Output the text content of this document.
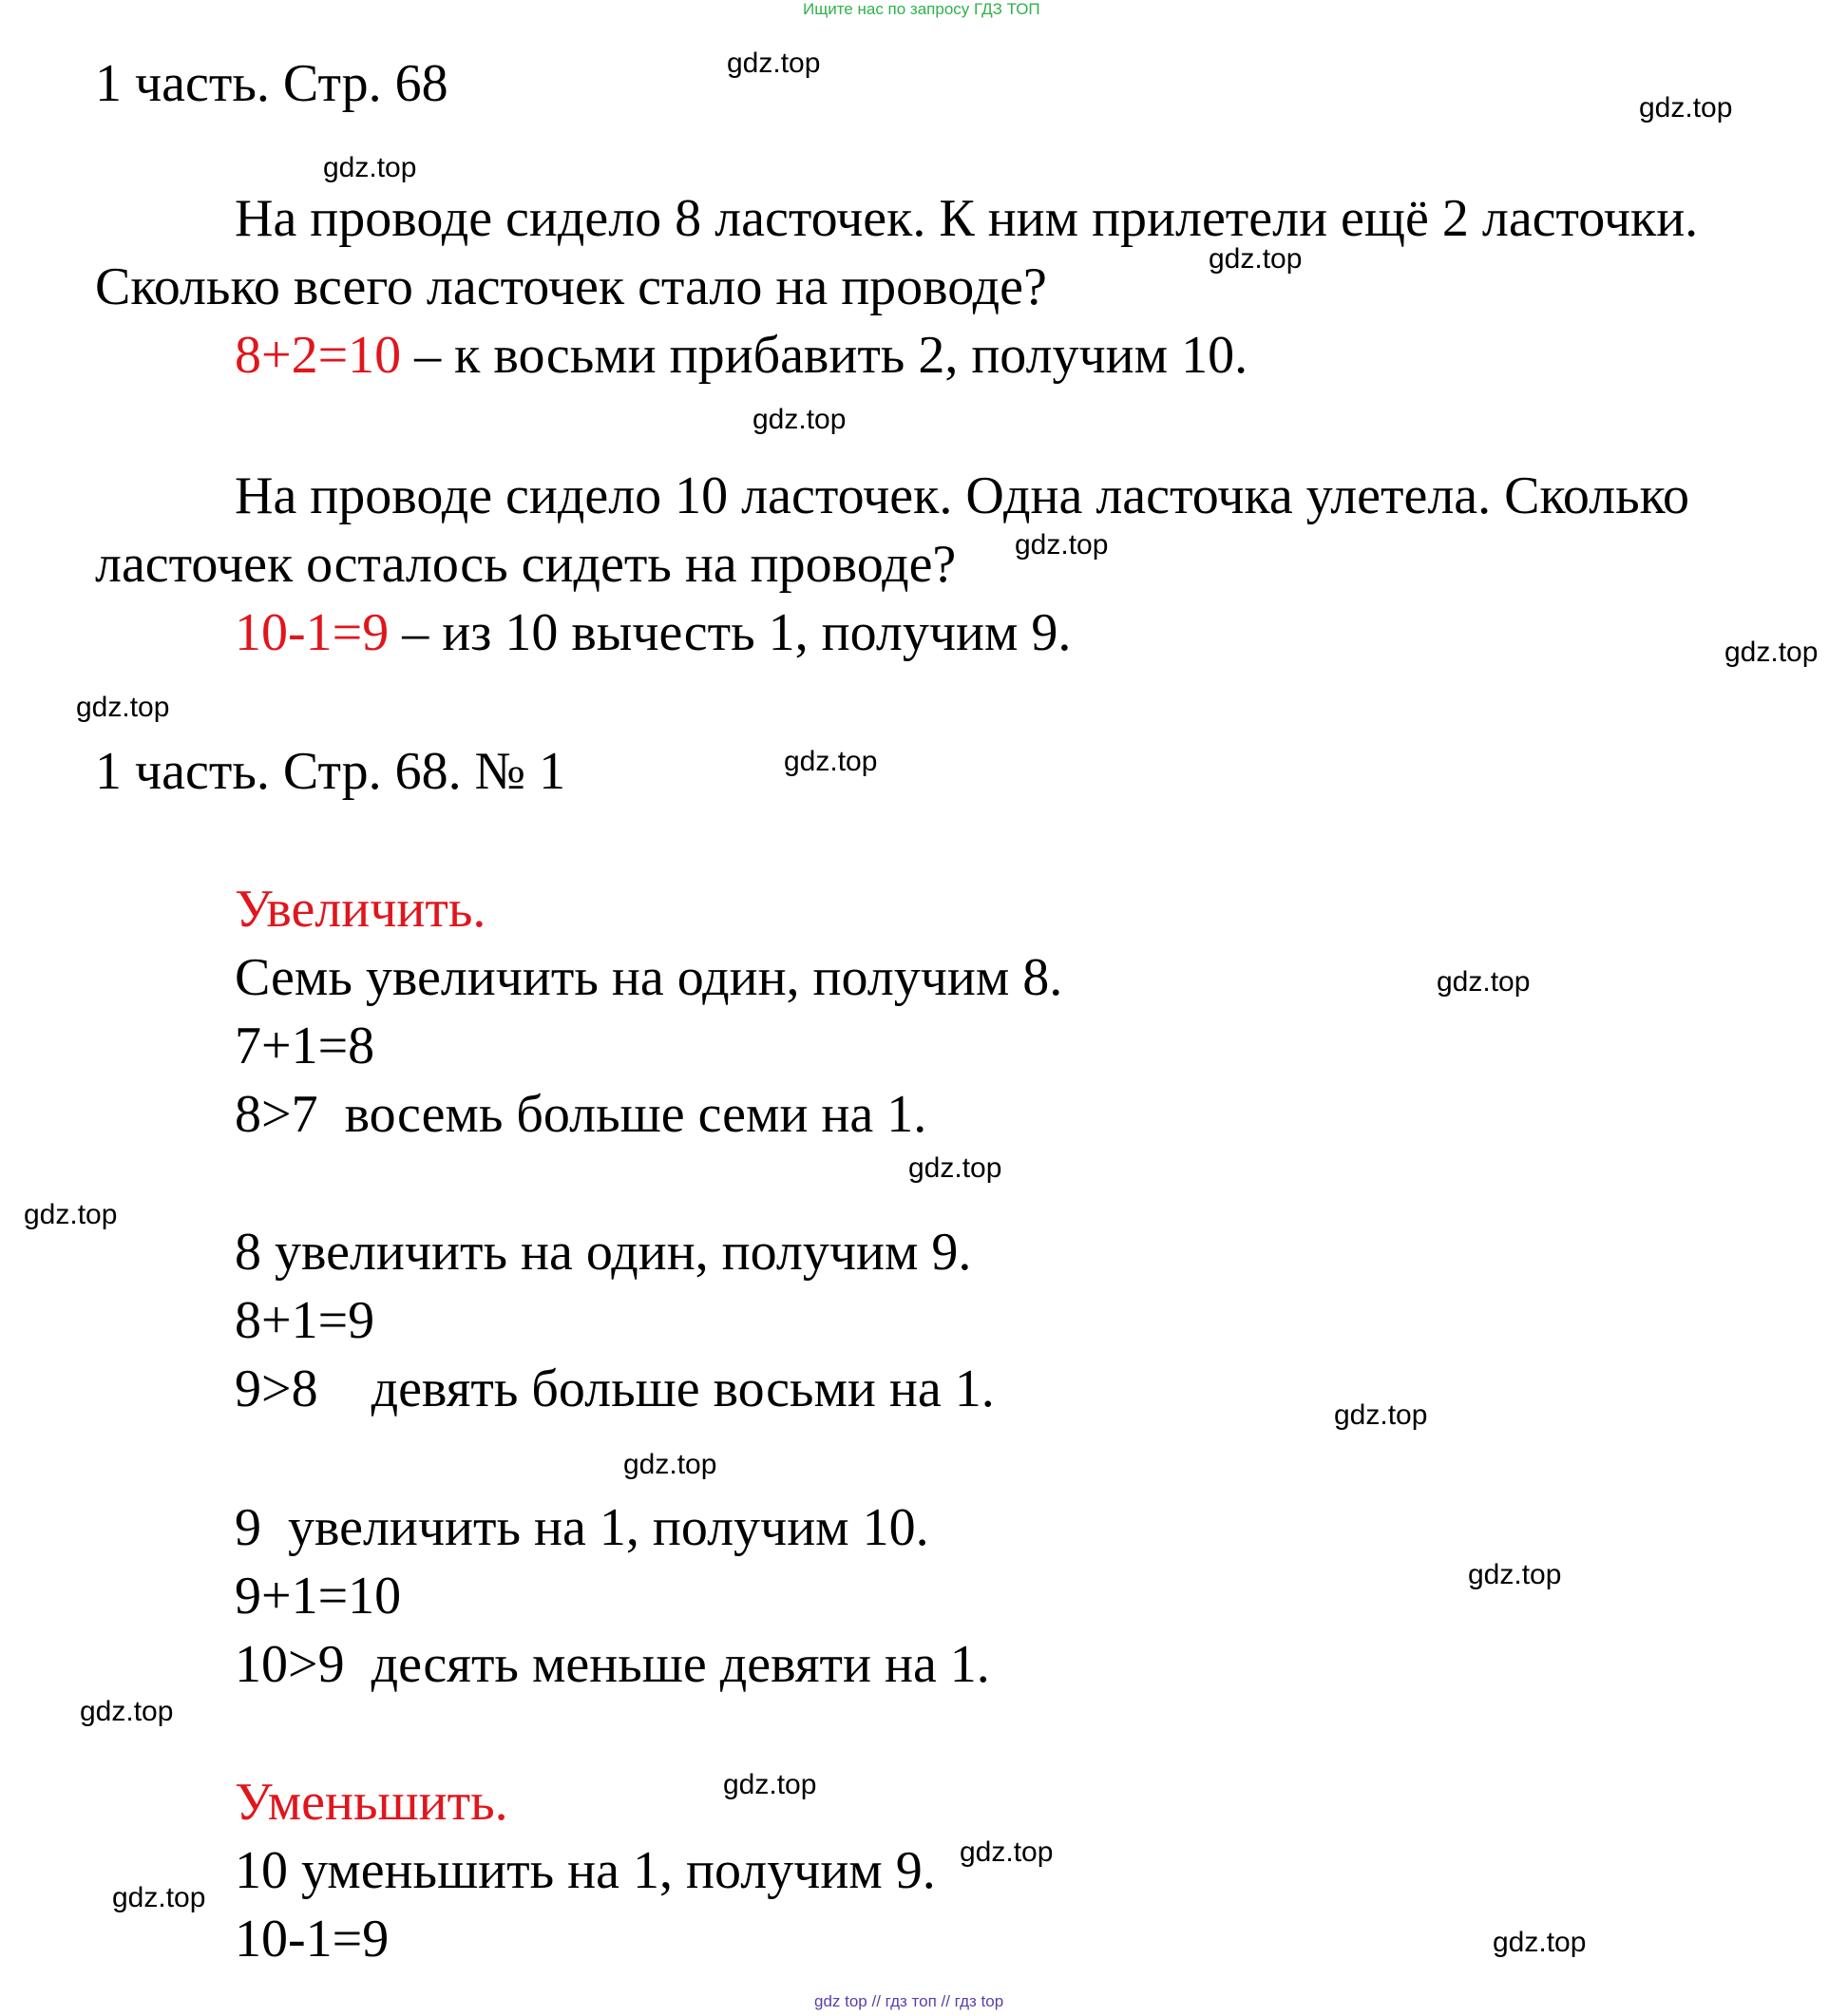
Ищите нас по запросу ГДЗ ТОП
1 часть. Стр. 68
На проводе сидело 8 ласточек. К ним прилетели ещё 2 ласточки.
Сколько всего ласточек стало на проводе?
8+2=10 – к восьми прибавить 2, получим 10.
На проводе сидело 10 ласточек. Одна ласточка улетела. Сколько
ласточек осталось сидеть на проводе?
10-1=9 – из 10 вычесть 1, получим 9.
1 часть. Стр. 68. № 1
Увеличить.
Семь увеличить на один, получим 8.
7+1=8
8>7  восемь больше семи на 1.
8 увеличить на один, получим 9.
8+1=9
9>8    девять больше восьми на 1.
9  увеличить на 1, получим 10.
9+1=10
10>9  десять меньше девяти на 1.
Уменьшить.
10 уменьшить на 1, получим 9.
10-1=9
gdz.top
gdz.top
gdz.top
gdz.top
gdz.top
gdz.top
gdz.top
gdz.top
gdz.top
gdz.top
gdz.top
gdz.top
gdz.top
gdz.top
gdz.top
gdz.top
gdz.top
gdz.top
gdz.top
gdz.top
gdz top // гдз топ // гдз top
